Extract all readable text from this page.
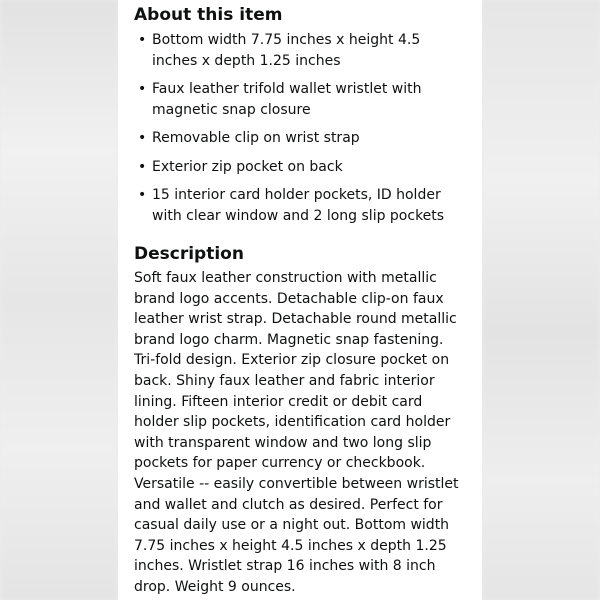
About this item
• Bottom width 7.75 inches x height 4.5 inches x depth 1.25 inches
• Faux leather trifold wallet wristlet with magnetic snap closure
• Removable clip on wrist strap
• Exterior zip pocket on back
• 15 interior card holder pockets, ID holder with clear window and 2 long slip pockets
Description

Soft faux leather construction with metallic brand logo accents. Detachable clip-on faux leather wrist strap. Detachable round metallic brand logo charm. Magnetic snap fastening. Tri-fold design. Exterior zip closure pocket on back. Shiny faux leather and fabric interior lining. Fifteen interior credit or debit card holder slip pockets, identification card holder with transparent window and two long slip pockets for paper currency or checkbook. Versatile -- easily convertible between wristlet and wallet and clutch as desired. Perfect for casual daily use or a night out. Bottom width 7.75 inches x height 4.5 inches x depth 1.25 inches. Wristlet strap 16 inches with 8 inch drop. Weight 9 ounces.
